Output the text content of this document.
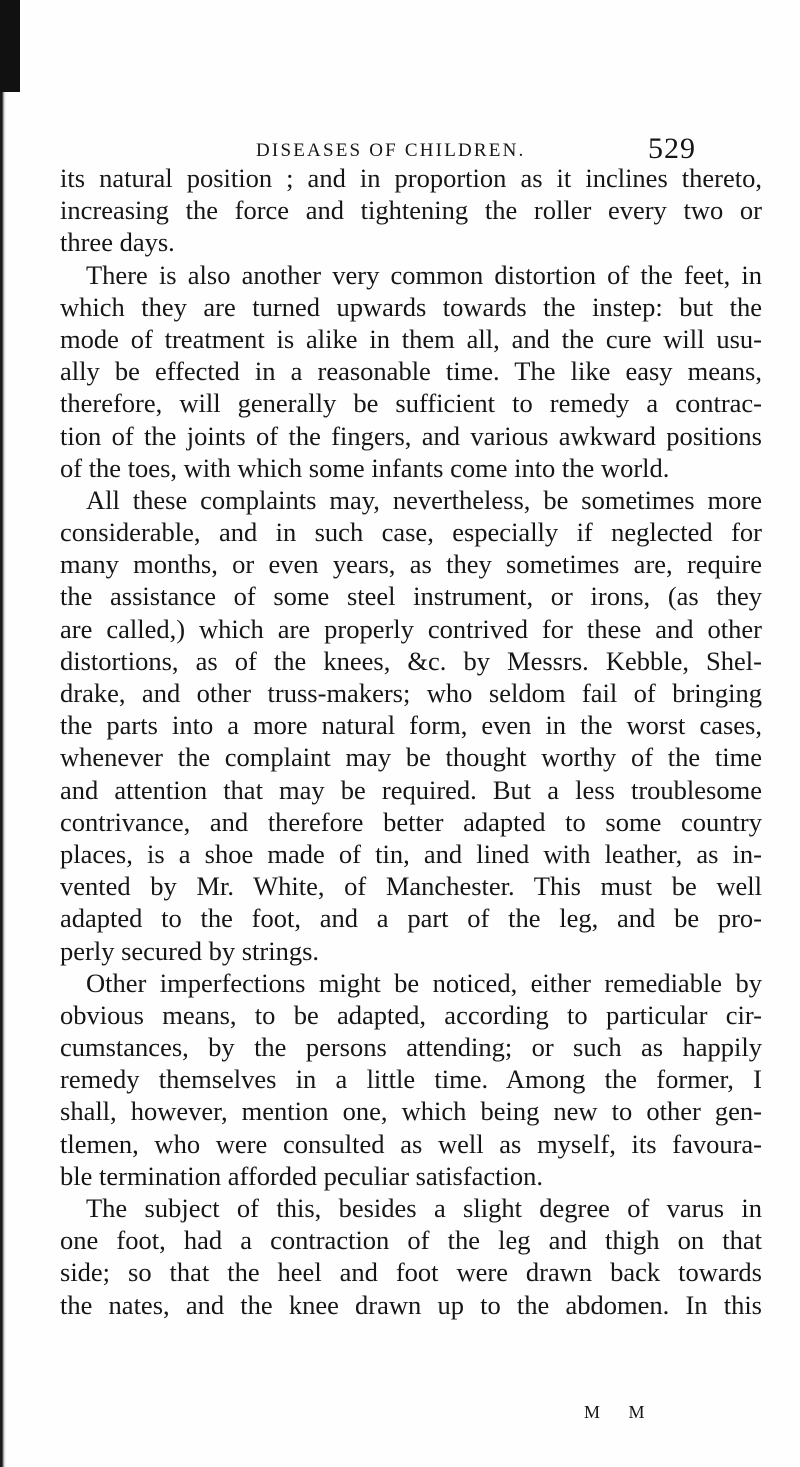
DISEASES OF CHILDREN.	529
its natural position ; and in proportion as it inclines thereto,
increasing the force and tightening the roller every two or
three days.
There is also another very common distortion of the feet, in
which they are turned upwards towards the instep: but the
mode of treatment is alike in them all, and the cure will usu-
ally be effected in a reasonable time. The like easy means,
therefore, will generally be sufficient to remedy a contrac-
tion of the joints of the fingers, and various awkward positions
of the toes, with which some infants come into the world.
All these complaints may, nevertheless, be sometimes more
considerable, and in such case, especially if neglected for
many months, or even years, as they sometimes are, require
the assistance of some steel instrument, or irons, (as they
are called,) which are properly contrived for these and other
distortions, as of the knees, &c. by Messrs. Kebble, Shel-
drake, and other truss-makers; who seldom fail of bringing
the parts into a more natural form, even in the worst cases,
whenever the complaint may be thought worthy of the time
and attention that may be required. But a less troublesome
contrivance, and therefore better adapted to some country
places, is a shoe made of tin, and lined with leather, as in-
vented by Mr. White, of Manchester. This must be well
adapted to the foot, and a part of the leg, and be pro-
perly secured by strings.
Other imperfections might be noticed, either remediable by
obvious means, to be adapted, according to particular cir-
cumstances, by the persons attending; or such as happily
remedy themselves in a little time. Among the former, I
shall, however, mention one, which being new to other gen-
tlemen, who were consulted as well as myself, its favoura-
ble termination afforded peculiar satisfaction.
The subject of this, besides a slight degree of varus in
one foot, had a contraction of the leg and thigh on that
side; so that the heel and foot were drawn back towards
the nates, and the knee drawn up to the abdomen. In this
M M
